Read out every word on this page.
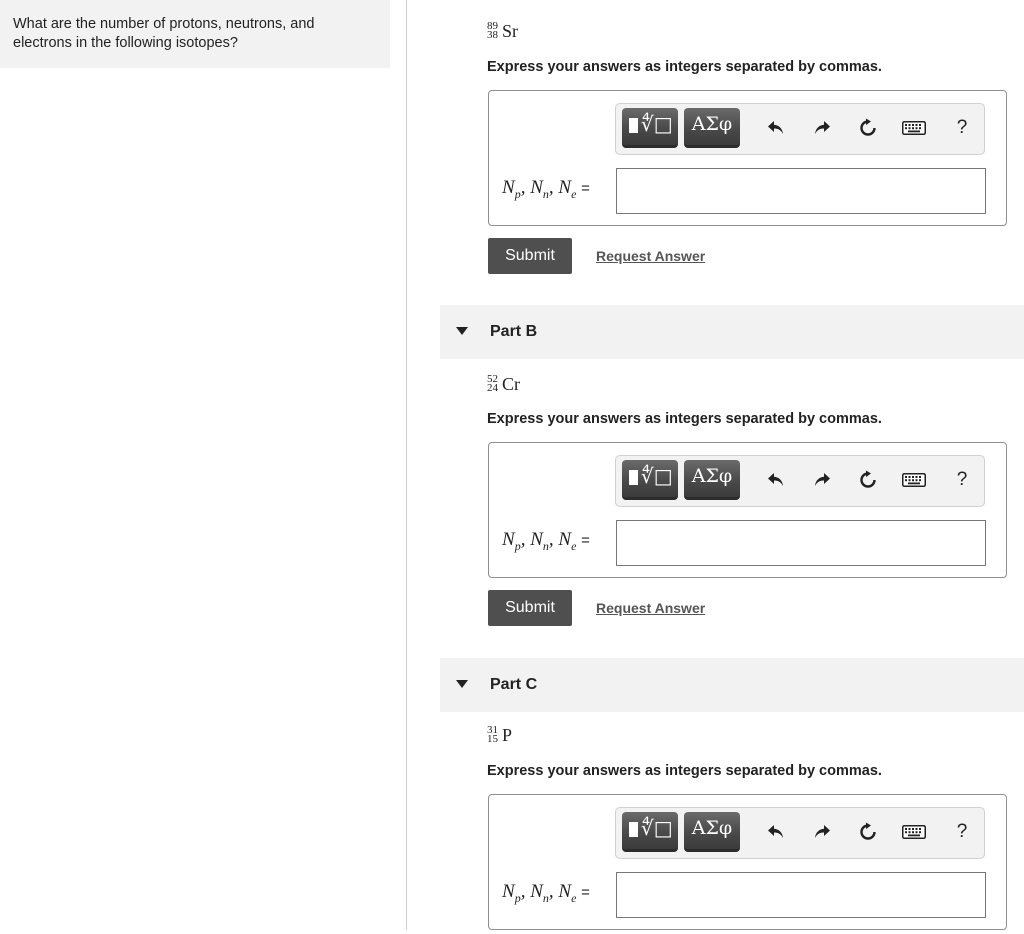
What are the number of protons, neutrons, and electrons in the following isotopes?
89
38 Sr
Express your answers as integers separated by commas.
∜□	ΑΣφ	?
$N_p$, $N_n$, $N_e$ =
Submit	Request Answer
Part B
52
24 Cr
Express your answers as integers separated by commas.
∜□	ΑΣφ	?
$N_p$, $N_n$, $N_e$ =
Submit	Request Answer
Part C
31
15 P
Express your answers as integers separated by commas.
∜□	ΑΣφ	?
$N_p$, $N_n$, $N_e$ =
